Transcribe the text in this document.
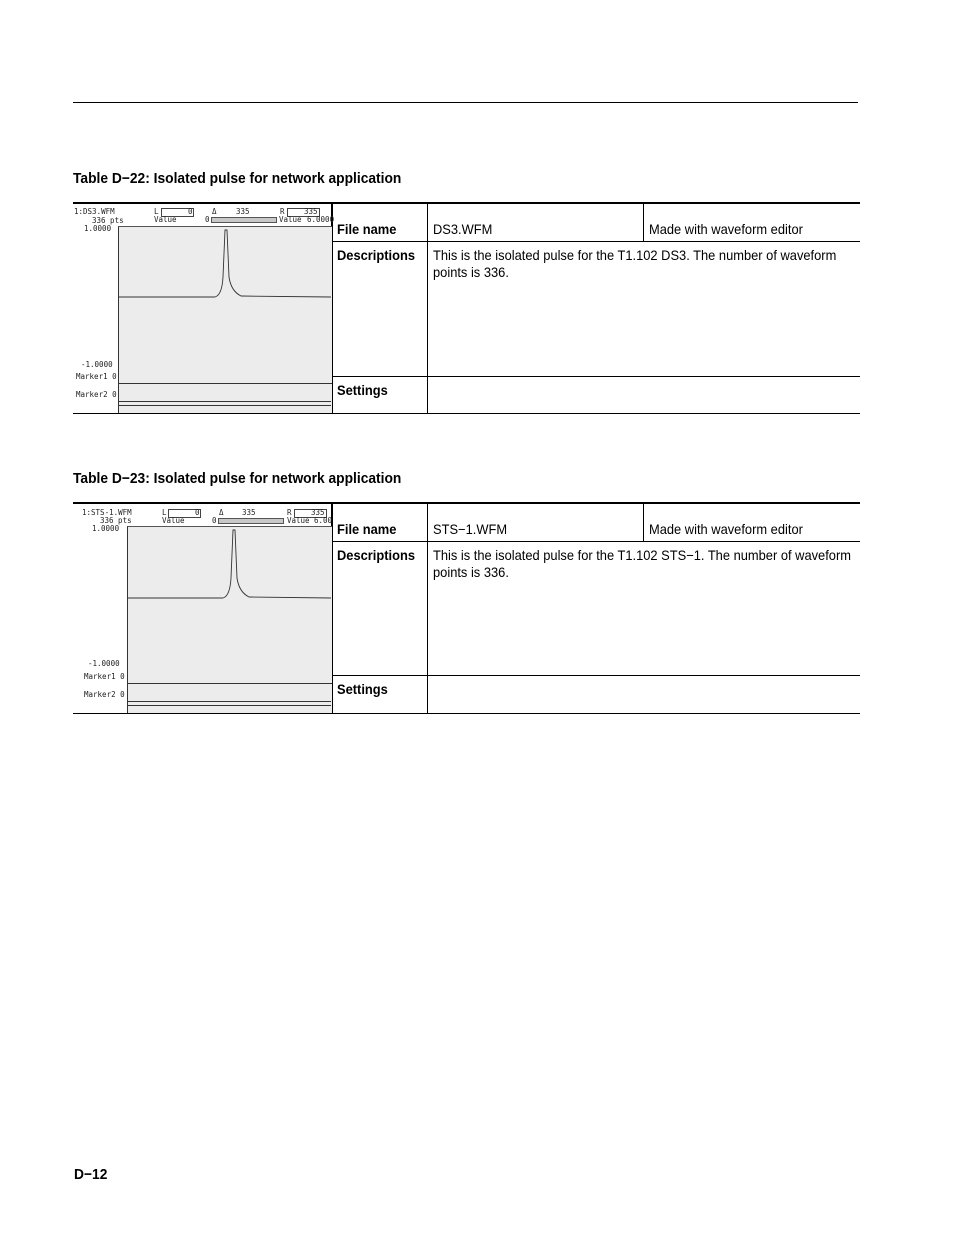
Table D−22: Isolated pulse for network application
File name	DS3.WFM	Made with waveform editor
Descriptions This is the isolated pulse for the T1.102 DS3. The number of waveform points is 336.
Settings
1:DS3.WFM
336 pts
L	0	Δ	335	R	335
Value	0	Value 6.0000
1.0000
-1.0000
Marker1 0
Marker2 0
Table D−23: Isolated pulse for network application
File name	STS−1.WFM	Made with waveform editor
Descriptions This is the isolated pulse for the T1.102 STS−1. The number of waveform points is 336.
Settings
1:STS-1.WFM
336 pts
L	0	Δ 335	R	335
Value	0	Value 6.00
1.0000
-1.0000
Marker1 0
Marker2 0
D−12
